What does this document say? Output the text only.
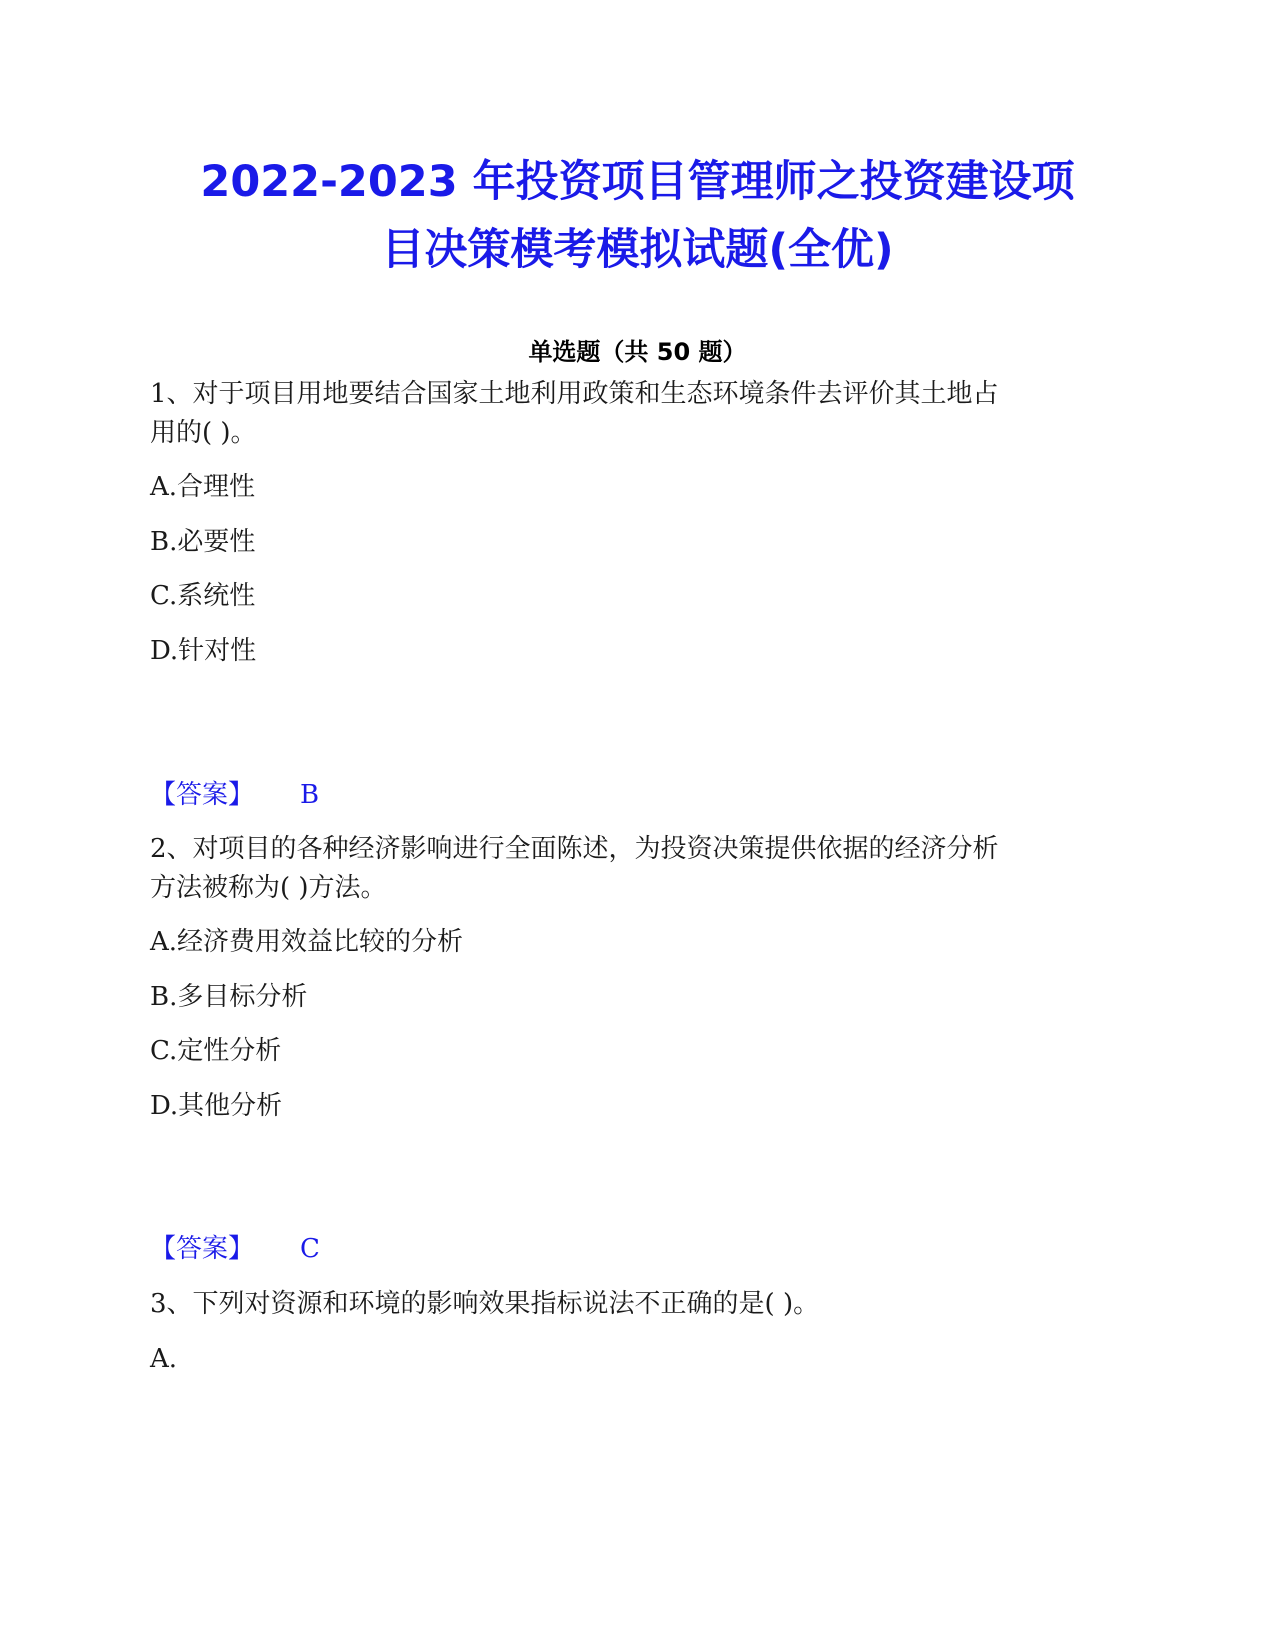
2022-2023 年投资项目管理师之投资建设项
目决策模考模拟试题(全优)
单选题（共 50 题）
1、对于项目用地要结合国家土地利用政策和生态环境条件去评价其土地占
用的( )。
A.合理性
B.必要性
C.系统性
D.针对性
【答案】 B
2、对项目的各种经济影响进行全面陈述，为投资决策提供依据的经济分析
方法被称为( )方法。
A.经济费用效益比较的分析
B.多目标分析
C.定性分析
D.其他分析
【答案】 C
3、下列对资源和环境的影响效果指标说法不正确的是( )。
A.
